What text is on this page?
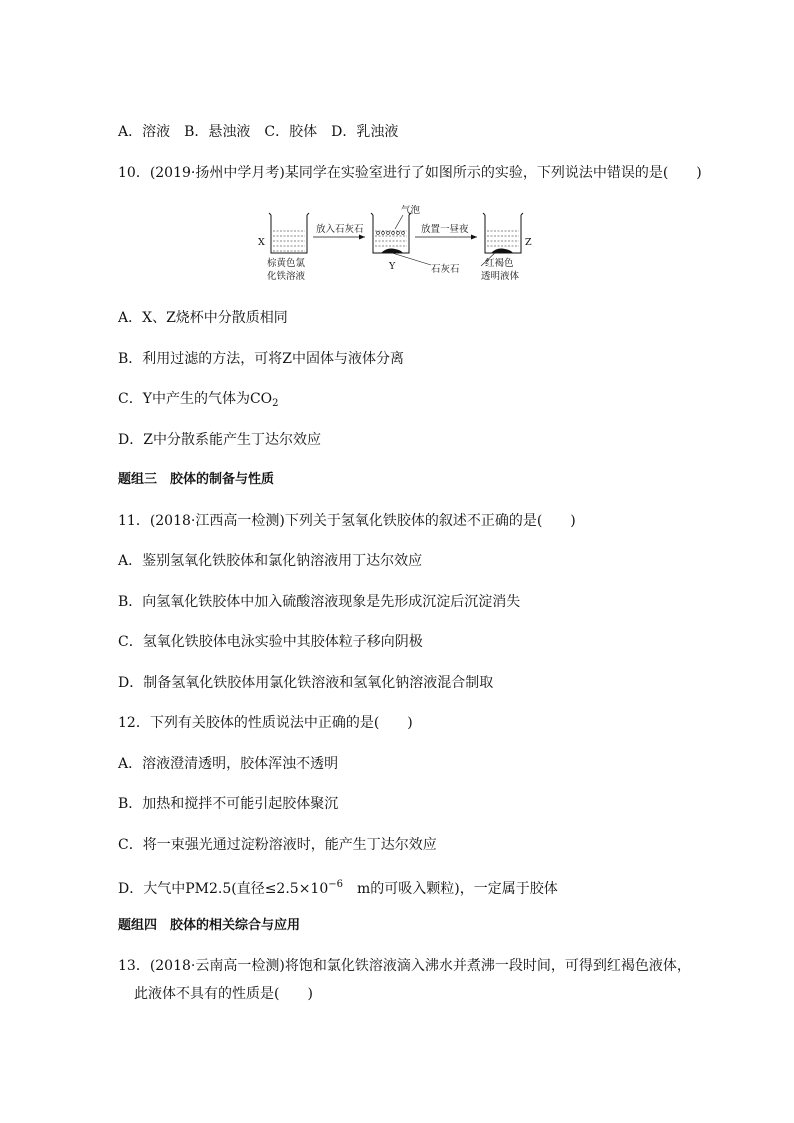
A．溶液　B．悬浊液　C．胶体　D．乳浊液
10．(2019·扬州中学月考)某同学在实验室进行了如图所示的实验，下列说法中错误的是(　　)
X
棕黄色氯
化铁溶液
放入石灰石
气泡
Y	石灰石
放置一昼夜
Z
红褐色
透明液体
A．X、Z烧杯中分散质相同
B．利用过滤的方法，可将Z中固体与液体分离
C．Y中产生的气体为$CO_2$
D．Z中分散系能产生丁达尔效应
题组三　胶体的制备与性质
11．(2018·江西高一检测)下列关于氢氧化铁胶体的叙述不正确的是(　　)
A．鉴别氢氧化铁胶体和氯化钠溶液用丁达尔效应
B．向氢氧化铁胶体中加入硫酸溶液现象是先形成沉淀后沉淀消失
C．氢氧化铁胶体电泳实验中其胶体粒子移向阴极
D．制备氢氧化铁胶体用氯化铁溶液和氢氧化钠溶液混合制取
12．下列有关胶体的性质说法中正确的是(　　)
A．溶液澄清透明，胶体浑浊不透明
B．加热和搅拌不可能引起胶体聚沉
C．将一束强光通过淀粉溶液时，能产生丁达尔效应
D．大气中PM2.5(直径$\le 2.5\times 10^{-6}$　m的可吸入颗粒)，一定属于胶体
题组四　胶体的相关综合与应用
13．(2018·云南高一检测)将饱和氯化铁溶液滴入沸水并煮沸一段时间，可得到红褐色液体，
此液体不具有的性质是(　　)
